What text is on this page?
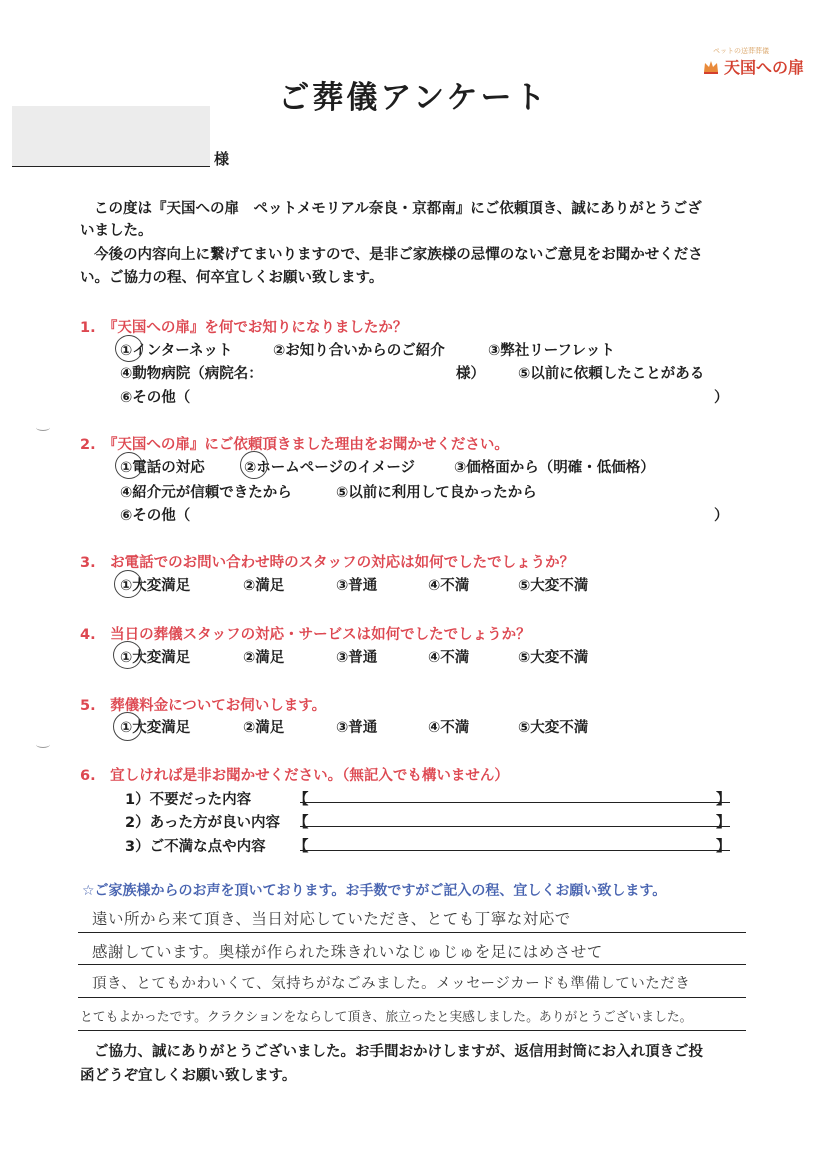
ペットの送葬葬儀
天国への扉
ご葬儀アンケート
様
この度は『天国への扉　ペットメモリアル奈良・京都南』にご依頼頂き、誠にありがとうござ
いました。
今後の内容向上に繋げてまいりますので、是非ご家族様の忌憚のないご意見をお聞かせくださ
い。ご協力の程、何卒宜しくお願い致します。
1.　『天国への扉』を何でお知りになりましたか？
①インターネット	②お知り合いからのご紹介	③弊社リーフレット
④動物病院（病院名：	様） ⑤以前に依頼したことがある
⑥その他（	）
2.　『天国への扉』にご依頼頂きました理由をお聞かせください。
①電話の対応	②ホームページのイメージ	③価格面から（明確・低価格）
④紹介元が信頼できたから	⑤以前に利用して良かったから
⑥その他（	）
3.　お電話でのお問い合わせ時のスタッフの対応は如何でしたでしょうか？
①大変満足	②満足	③普通	④不満	⑤大変不満
4.　当日の葬儀スタッフの対応・サービスは如何でしたでしょうか？
①大変満足	②満足	③普通	④不満	⑤大変不満
5.　葬儀料金についてお伺いします。
①大変満足	②満足	③普通	④不満	⑤大変不満
6.　宜しければ是非お聞かせください。（無記入でも構いません）
1）不要だった内容	【	】
2）あった方が良い内容 【	】
3）ご不満な点や内容 【	】
☆ご家族様からのお声を頂いております。お手数ですがご記入の程、宜しくお願い致します。
遠い所から来て頂き、当日対応していただき、とても丁寧な対応で
感謝しています。奥様が作られた珠きれいなじゅじゅを足にはめさせて
頂き、とてもかわいくて、気持ちがなごみました。メッセージカードも準備していただき
とてもよかったです。クラクションをならして頂き、旅立ったと実感しました。ありがとうございました。
ご協力、誠にありがとうございました。お手間おかけしますが、返信用封筒にお入れ頂きご投
函どうぞ宜しくお願い致します。
